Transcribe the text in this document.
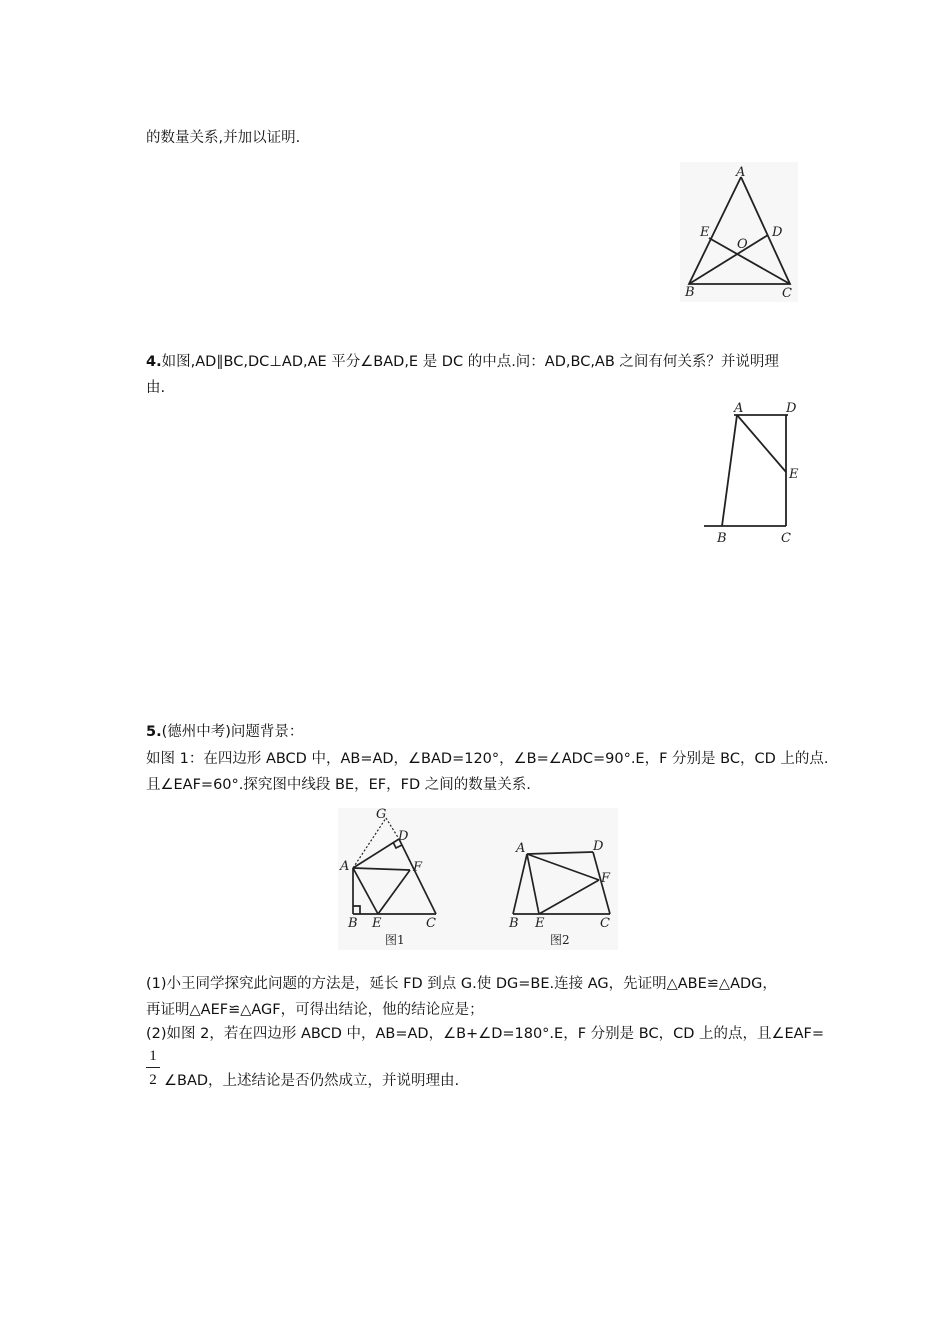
的数量关系,并加以证明.
A
B	C
D
E
O
4.如图,AD∥BC,DC⊥AD,AE 平分∠BAD,E 是 DC 的中点.问：AD,BC,AB 之间有何关系？并说明理
由.
A	D
E
B	C
5.(德州中考)问题背景：
如图 1：在四边形 ABCD 中，AB=AD，∠BAD=120°，∠B=∠ADC=90°.E，F 分别是 BC，CD 上的点.
且∠EAF=60°.探究图中线段 BE，EF，FD 之间的数量关系.
G
D
A	F
B E	C
图1
A	D
F
B E	C
图2
(1)小王同学探究此问题的方法是，延长 FD 到点 G.使 DG=BE.连接 AG，先证明△ABE≌△ADG，
再证明△AEF≌△AGF，可得出结论，他的结论应是；
(2)如图 2，若在四边形 ABCD 中，AB=AD，∠B+∠D=180°.E，F 分别是 BC，CD 上的点，且∠EAF=
$\frac{1}{2}$ ∠BAD，上述结论是否仍然成立，并说明理由.
